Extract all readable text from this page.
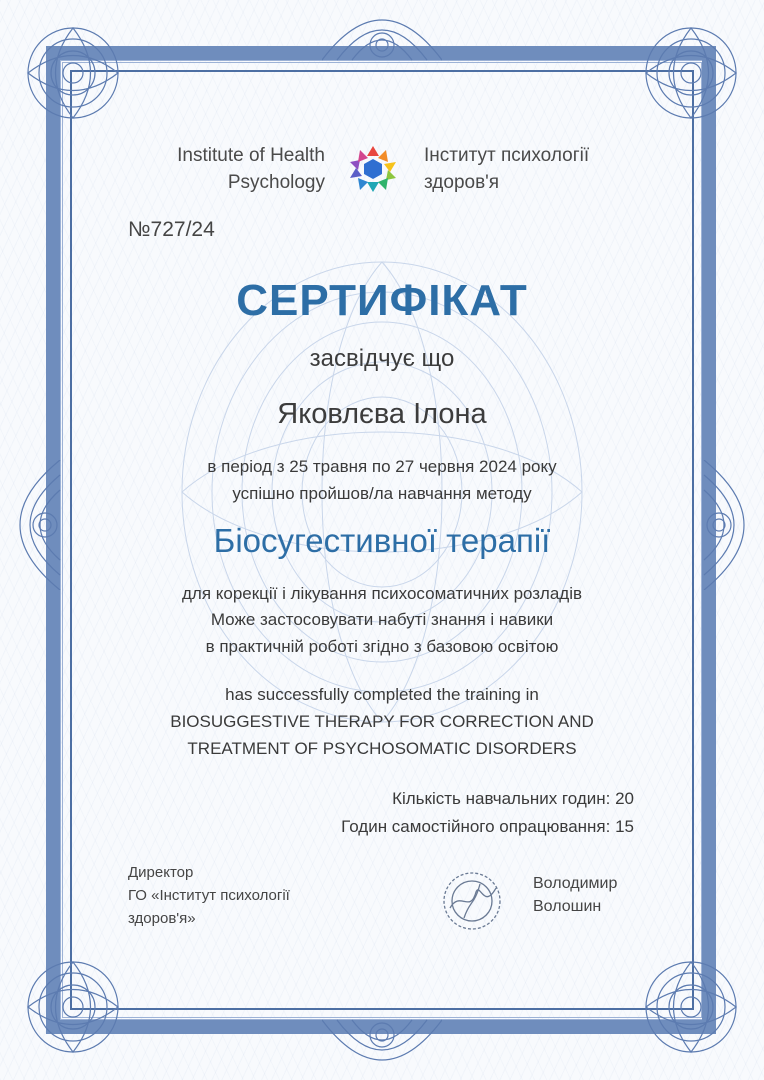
Institute of Health
Psychology
Інститут психології
здоров'я
№727/24
СЕРТИФІКАТ
засвідчує що
Яковлєва Ілона
в період з 25 травня по 27 червня 2024 року
успішно пройшов/ла навчання методу
Біосугестивної терапії
для корекції і лікування психосоматичних розладів
Може застосовувати набуті знання і навики
в практичній роботі згідно з базовою освітою
has successfully completed the training in
BIOSUGGESTIVE THERAPY FOR CORRECTION AND
TREATMENT OF PSYCHOSOMATIC DISORDERS
Кількість навчальних годин: 20
Годин самостійного опрацювання: 15
Директор
ГО «Інститут психології
здоров'я»
Володимир
Волошин
